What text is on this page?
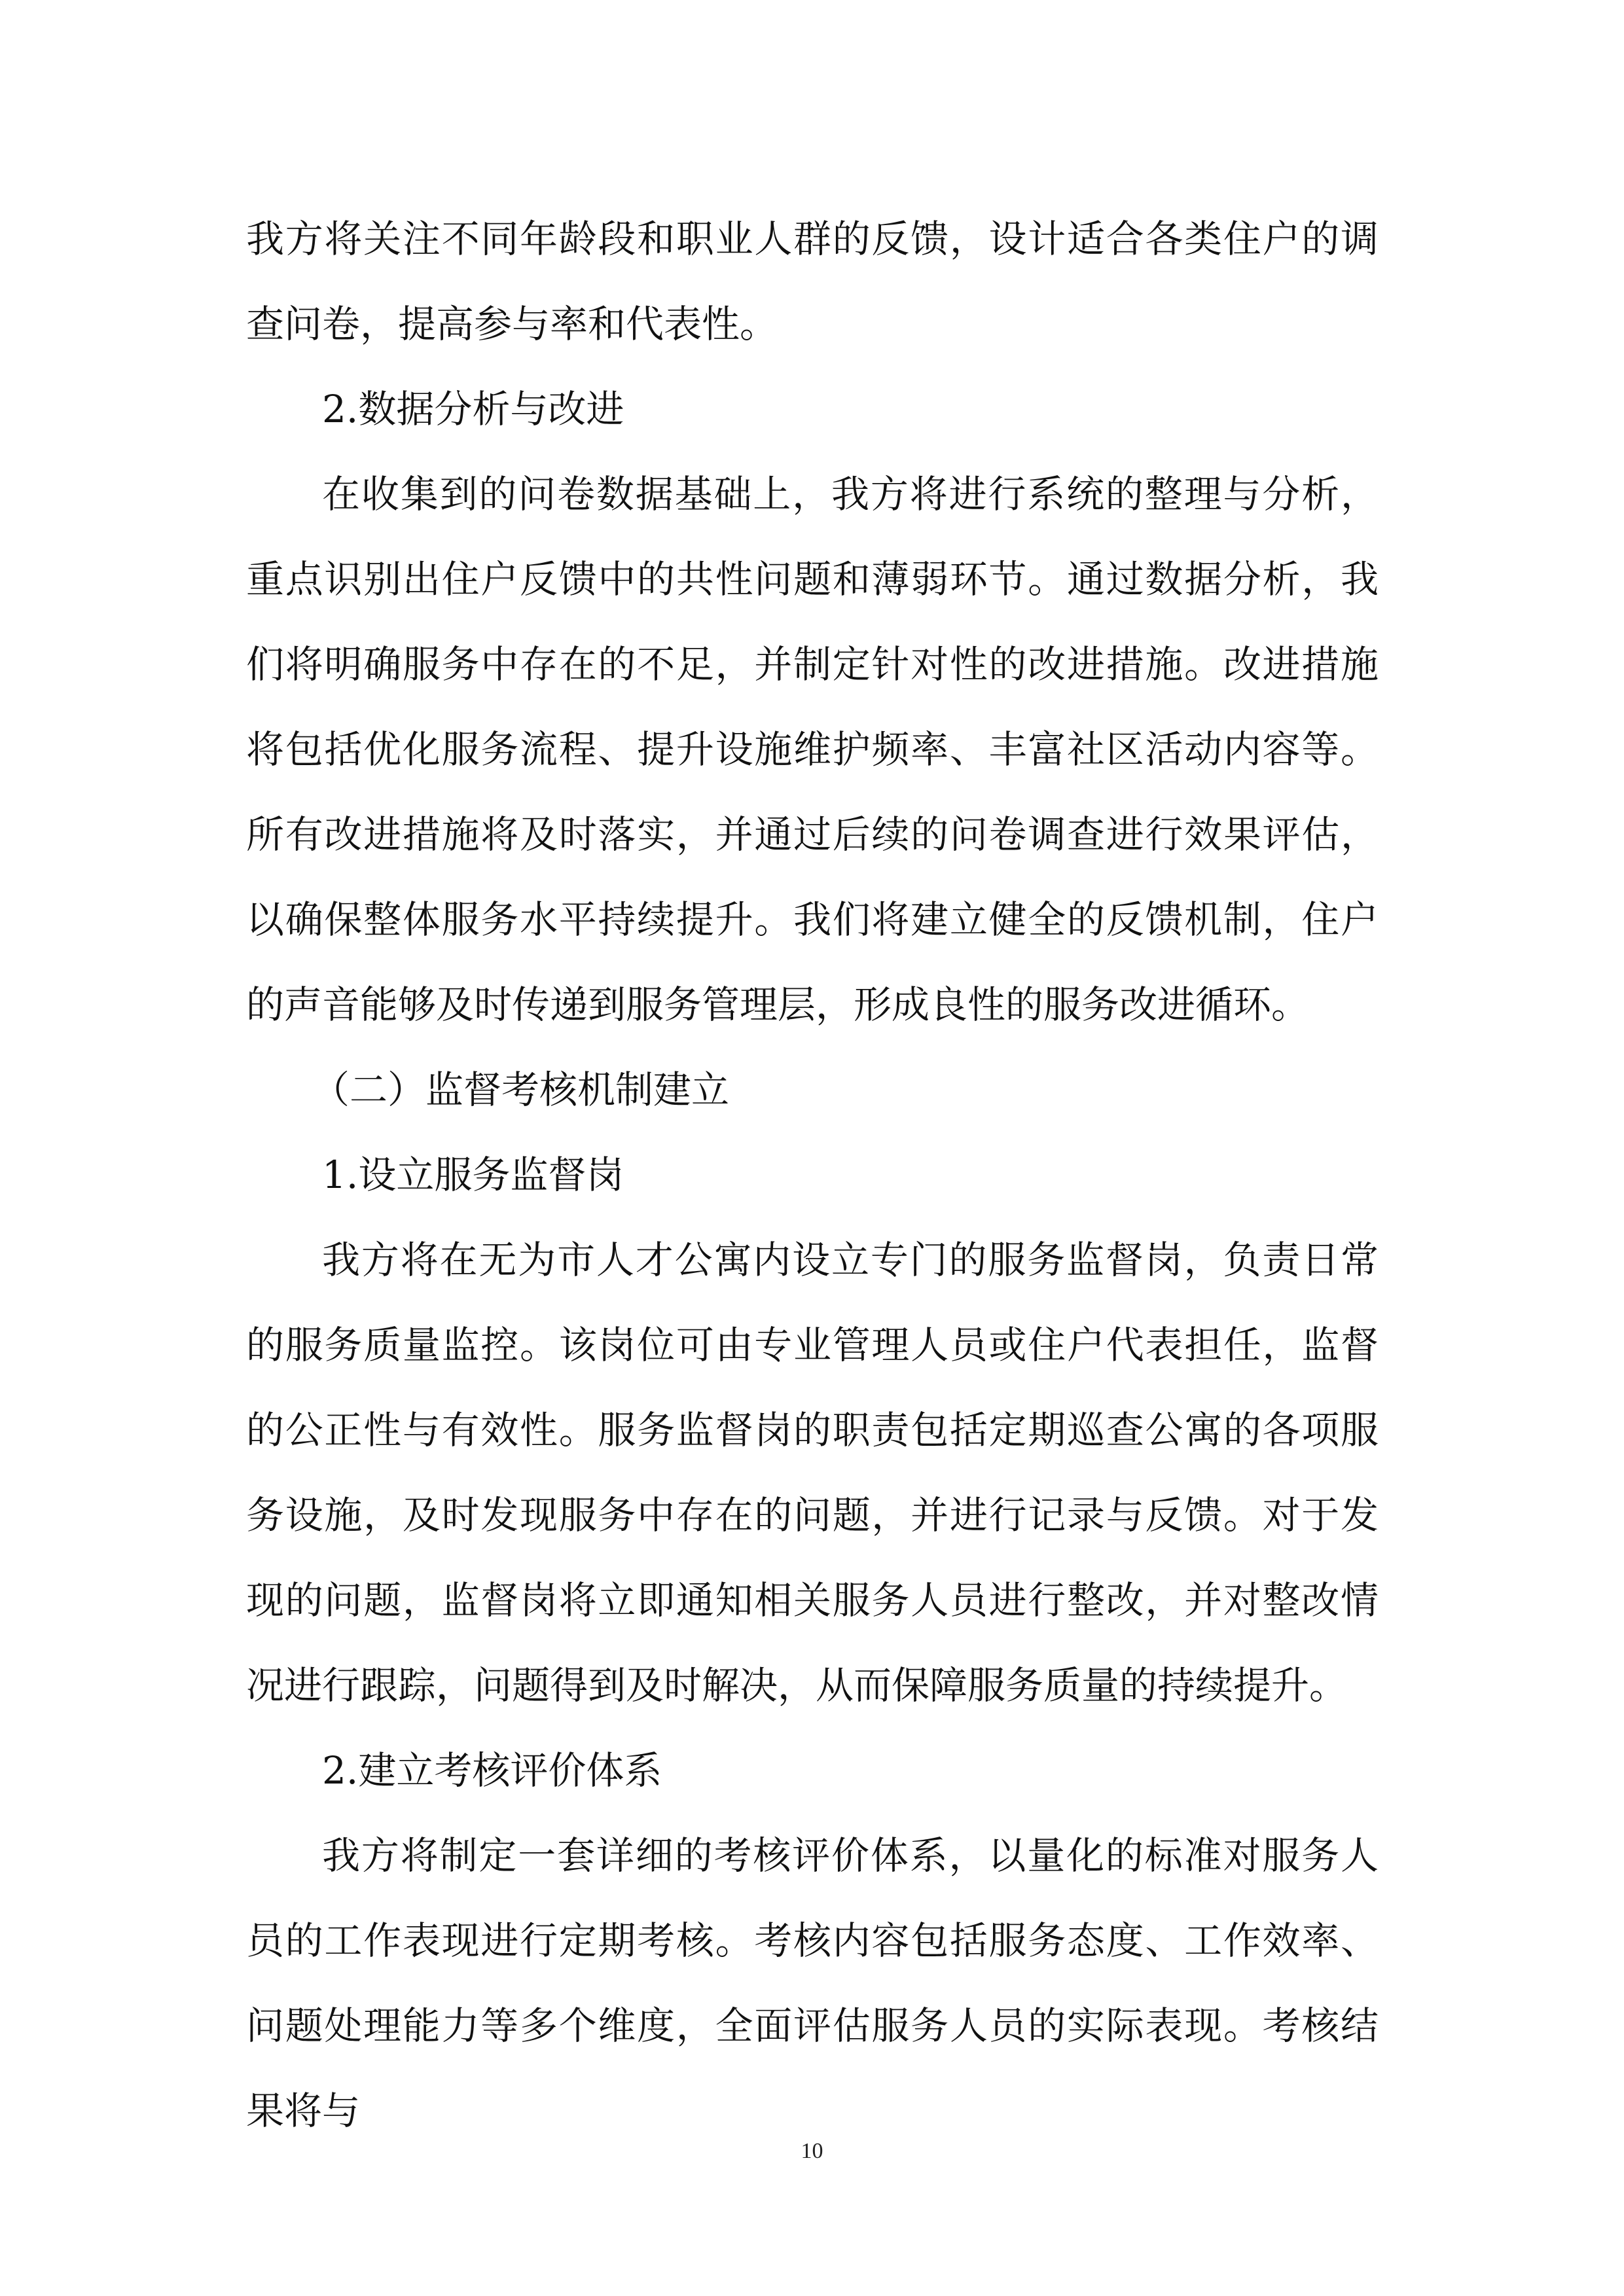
我方将关注不同年龄段和职业人群的反馈，设计适合各类住户的调查问卷，提高参与率和代表性。

2.数据分析与改进

在收集到的问卷数据基础上，我方将进行系统的整理与分析，重点识别出住户反馈中的共性问题和薄弱环节。通过数据分析，我们将明确服务中存在的不足，并制定针对性的改进措施。改进措施将包括优化服务流程、提升设施维护频率、丰富社区活动内容等。所有改进措施将及时落实，并通过后续的问卷调查进行效果评估，以确保整体服务水平持续提升。我们将建立健全的反馈机制，住户的声音能够及时传递到服务管理层，形成良性的服务改进循环。

（二）监督考核机制建立

1.设立服务监督岗

我方将在无为市人才公寓内设立专门的服务监督岗，负责日常的服务质量监控。该岗位可由专业管理人员或住户代表担任，监督的公正性与有效性。服务监督岗的职责包括定期巡查公寓的各项服务设施，及时发现服务中存在的问题，并进行记录与反馈。对于发现的问题，监督岗将立即通知相关服务人员进行整改，并对整改情况进行跟踪，问题得到及时解决，从而保障服务质量的持续提升。

2.建立考核评价体系

我方将制定一套详细的考核评价体系，以量化的标准对服务人员的工作表现进行定期考核。考核内容包括服务态度、工作效率、问题处理能力等多个维度，全面评估服务人员的实际表现。考核结果将与

10
